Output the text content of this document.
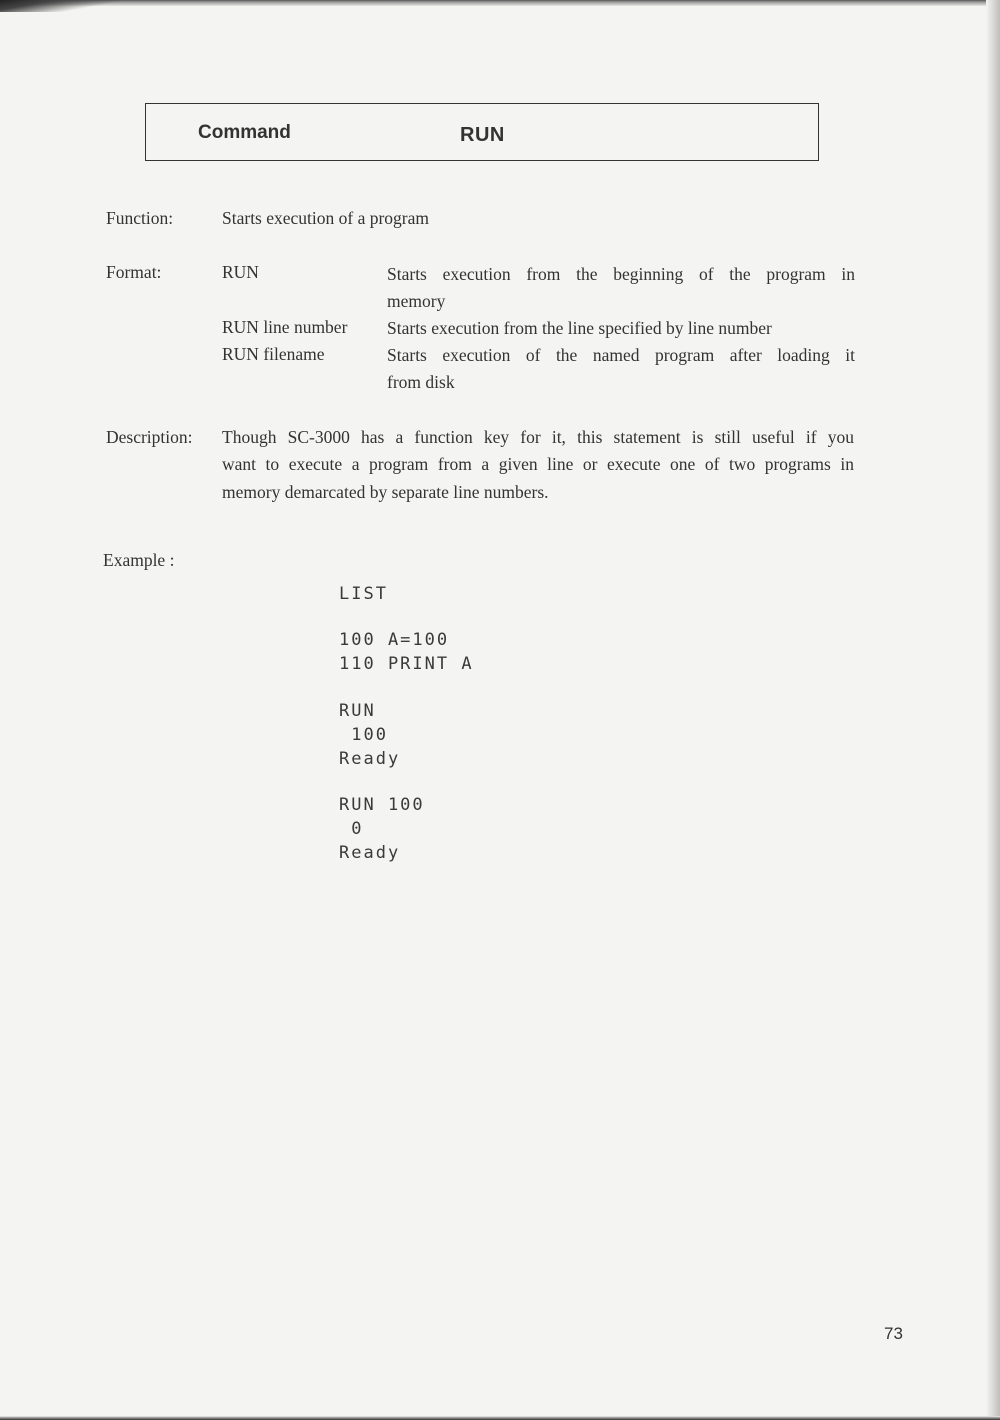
Command	RUN
Function:	Starts execution of a program
Format:	RUN	Starts execution from the beginning of the program in
memory
RUN line number Starts execution from the line specified by line number
RUN filename	Starts execution of the named program after loading it
from disk
Description: Though SC-3000 has a function key for it, this statement is still useful if you
want to execute a program from a given line or execute one of two programs in
memory demarcated by separate line numbers.
Example :
LIST
100 A=100
110 PRINT A
RUN
100
Ready
RUN 100
0
Ready
73
